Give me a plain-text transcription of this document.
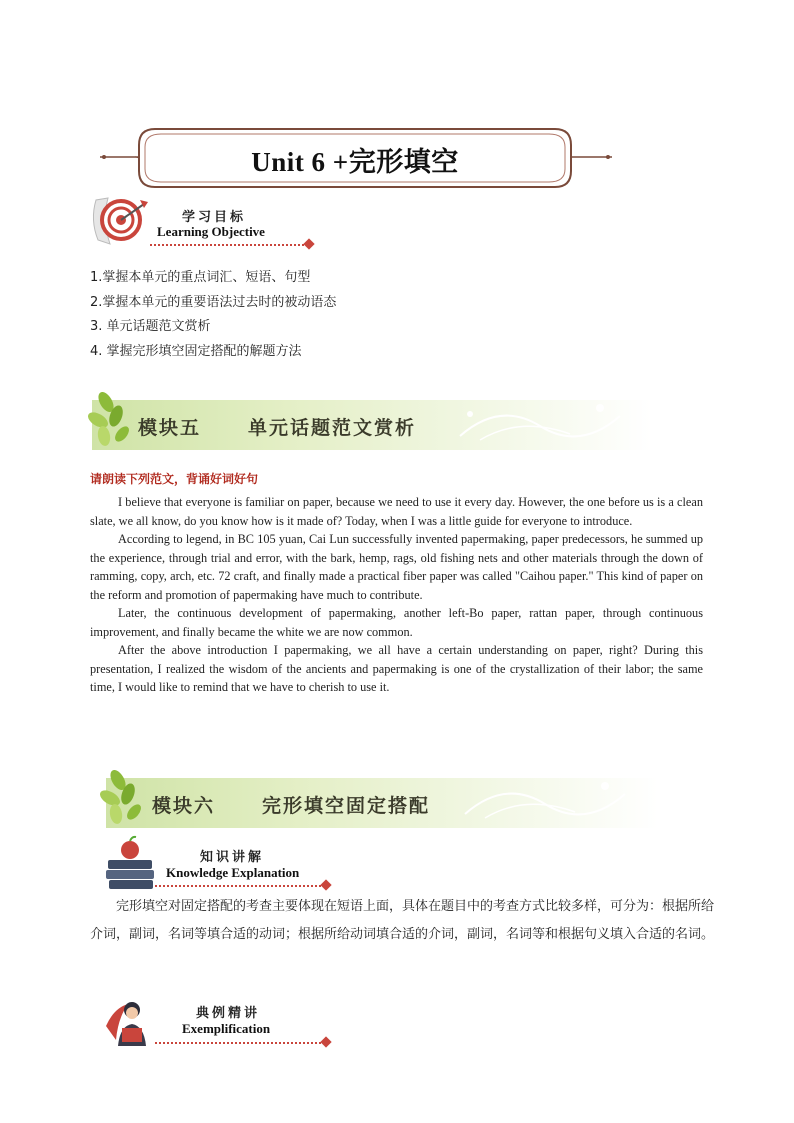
Unit 6 +完形填空
学习目标
Learning Objective
1.掌握本单元的重点词汇、短语、句型
2.掌握本单元的重要语法过去时的被动语态
3. 单元话题范文赏析
4. 掌握完形填空固定搭配的解题方法
模块五 单元话题范文赏析
请朗读下列范文，背诵好词好句

I believe that everyone is familiar on paper, because we need to use it every day. However, the one before us is a clean slate, we all know, do you know how is it made of? Today, when I was a little guide for everyone to introduce.

According to legend, in BC 105 yuan, Cai Lun successfully invented papermaking, paper predecessors, he summed up the experience, through trial and error, with the bark, hemp, rags, old fishing nets and other materials through the down of ramming, copy, arch, etc. 72 craft, and finally made a practical fiber paper was called "Caihou paper." This kind of paper on the reform and promotion of papermaking have much to contribute.

Later, the continuous development of papermaking, another left-Bo paper, rattan paper, through continuous improvement, and finally became the white we are now common.

After the above introduction I papermaking, we all have a certain understanding on paper, right? During this presentation, I realized the wisdom of the ancients and papermaking is one of the crystallization of their labor; the same time, I would like to remind that we have to cherish to use it.

模块六 完形填空固定搭配
知识讲解
Knowledge Explanation

完形填空对固定搭配的考查主要体现在短语上面，具体在题目中的考查方式比较多样，可分为：根据所给介词，副词，名词等填合适的动词；根据所给动词填合适的介词，副词，名词等和根据句义填入合适的名词。

典例精讲
Exemplification
